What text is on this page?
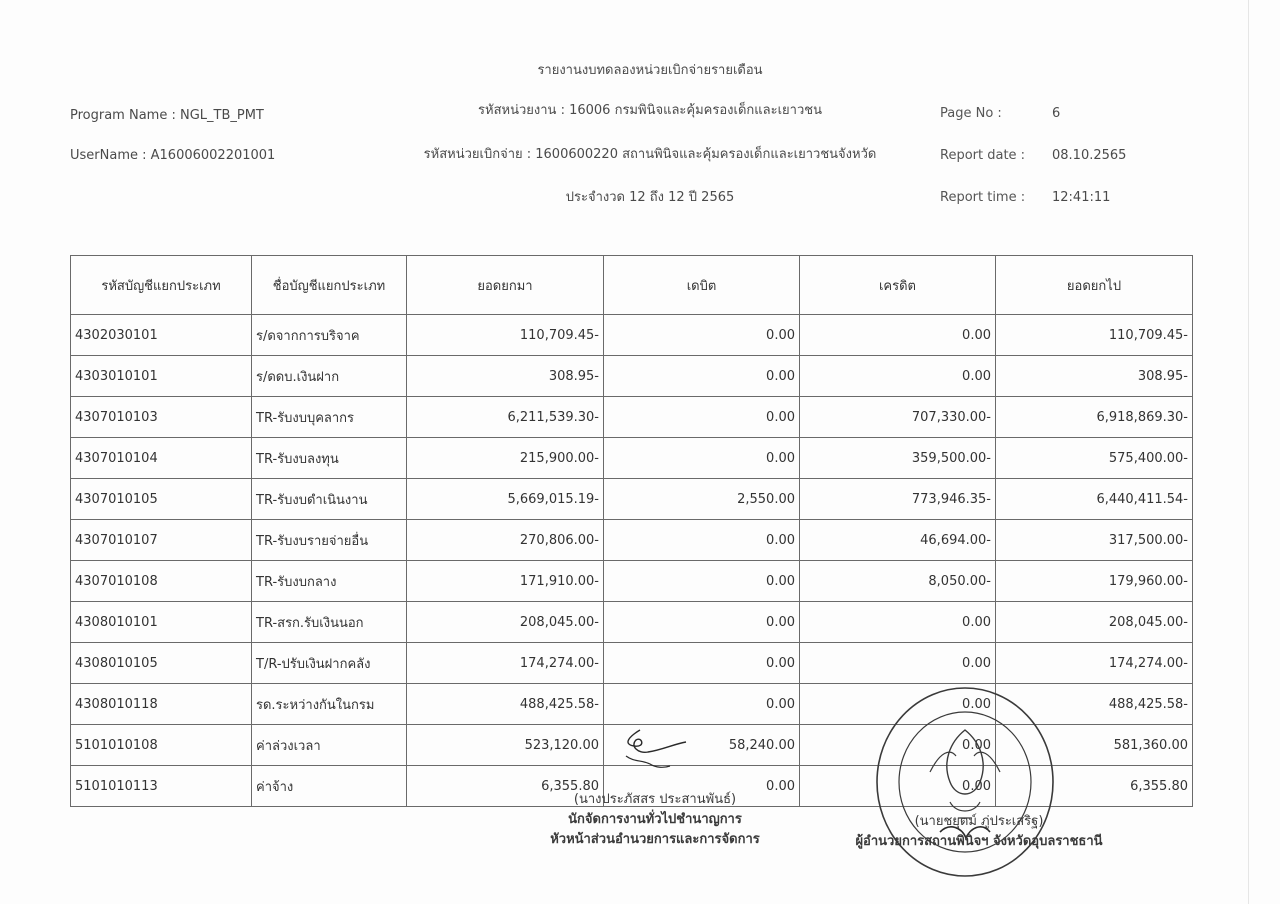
รายงานงบทดลองหน่วยเบิกจ่ายรายเดือน
Program Name : NGL_TB_PMT
UserName : A16006002201001
รหัสหน่วยงาน : 16006 กรมพินิจและคุ้มครองเด็กและเยาวชน
รหัสหน่วยเบิกจ่าย : 1600600220 สถานพินิจและคุ้มครองเด็กและเยาวชนจังหวัด
ประจำงวด 12 ถึง 12 ปี 2565
Page No :	6
Report date : 08.10.2565
Report time : 12:41:11
รหัสบัญชีแยกประเภท	ชื่อบัญชีแยกประเภท	ยอดยกมา	เดบิต	เครดิต	ยอดยกไป
4302030101	ร/ดจากการบริจาค	110,709.45-	0.00	0.00	110,709.45-
4303010101	ร/ดดบ.เงินฝาก	308.95-	0.00	0.00	308.95-
4307010103	TR-รับงบบุคลากร	6,211,539.30-	0.00	707,330.00-	6,918,869.30-
4307010104	TR-รับงบลงทุน	215,900.00-	0.00	359,500.00-	575,400.00-
4307010105	TR-รับงบดำเนินงาน	5,669,015.19-	2,550.00	773,946.35-	6,440,411.54-
4307010107	TR-รับงบรายจ่ายอื่น	270,806.00-	0.00	46,694.00-	317,500.00-
4307010108	TR-รับงบกลาง	171,910.00-	0.00	8,050.00-	179,960.00-
4308010101	TR-สรก.รับเงินนอก	208,045.00-	0.00	0.00	208,045.00-
4308010105	T/R-ปรับเงินฝากคลัง	174,274.00-	0.00	0.00	174,274.00-
4308010118	รด.ระหว่างกันในกรม	488,425.58-	0.00	0.00	488,425.58-
5101010108	ค่าล่วงเวลา	523,120.00	58,240.00	0.00	581,360.00
5101010113	ค่าจ้าง	6,355.80	0.00	0.00	6,355.80
(นางประภัสสร ประสานพันธ์)
นักจัดการงานทั่วไปชำนาญการ
หัวหน้าส่วนอำนวยการและการจัดการ
(นายชยุตม์ ภู่ประเสริฐ)
ผู้อำนวยการสถานพินิจฯ จังหวัดอุบลราชธานี
